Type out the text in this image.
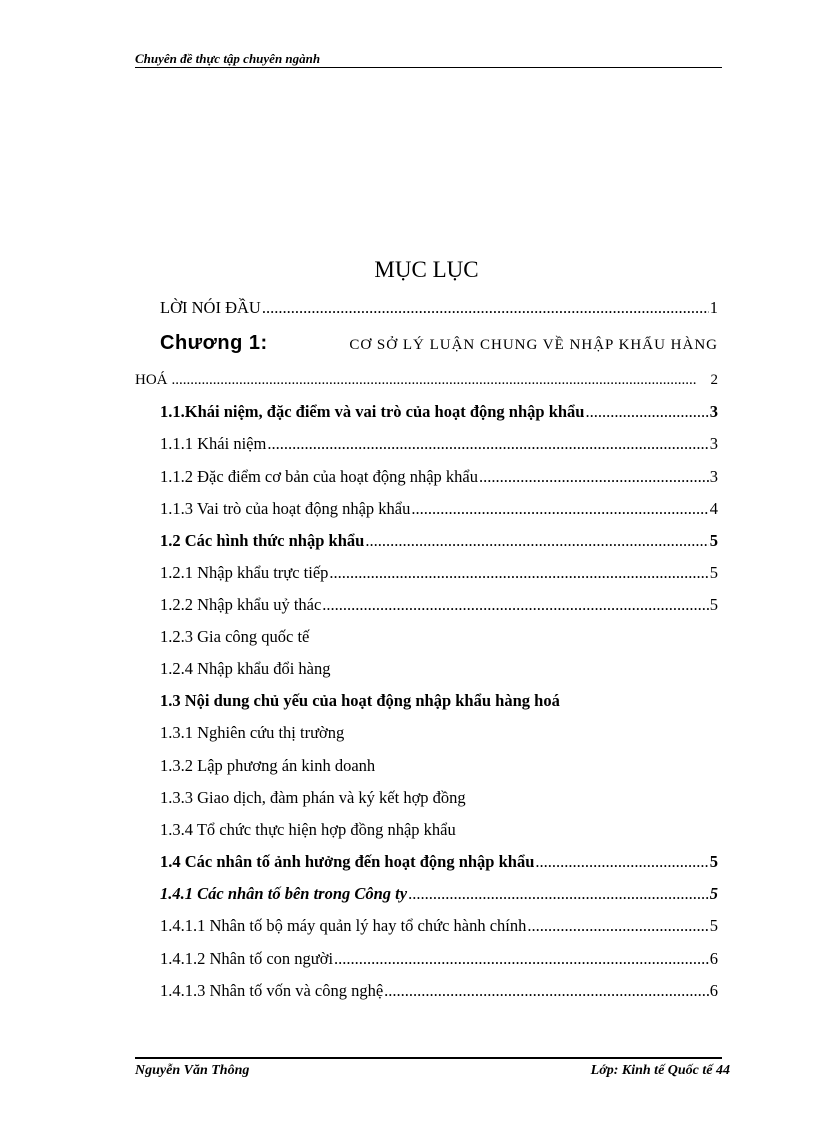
Chuyên đề thực tập chuyên ngành
MỤC LỤC
LỜI NÓI ĐẦU .....	1
Chương 1:	CƠ SỞ LÝ LUẬN CHUNG VỀ NHẬP KHẨU HÀNG
HOÁ .....	2
1.1.Khái niệm, đặc điểm và vai trò của hoạt động nhập khẩu .....	3
1.1.1 Khái niệm .....	3
1.1.2 Đặc điểm cơ bản của hoạt động nhập khẩu .....	3
1.1.3 Vai trò của hoạt động nhập khẩu .....	4
1.2 Các hình thức nhập khẩu .....	5
1.2.1 Nhập khẩu trực tiếp .....	5
1.2.2 Nhập khẩu uỷ thác .....	5
1.2.3 Gia công quốc tế
1.2.4 Nhập khẩu đổi hàng
1.3 Nội dung chủ yếu của hoạt động nhập khẩu hàng hoá
1.3.1 Nghiên cứu thị trường
1.3.2 Lập phương án kinh doanh
1.3.3 Giao dịch, đàm phán và ký kết hợp đồng
1.3.4 Tổ chức thực hiện hợp đồng nhập khẩu
1.4 Các nhân tố ảnh hưởng đến hoạt động nhập khẩu .....	5
1.4.1 Các nhân tố bên trong Công ty .....	5
1.4.1.1 Nhân tố bộ máy quản lý hay tổ chức hành chính .....	5
1.4.1.2 Nhân tố con người .....	6
1.4.1.3 Nhân tố vốn và công nghệ .....	6
Nguyễn Văn Thông	Lớp: Kinh tế Quốc tế 44
